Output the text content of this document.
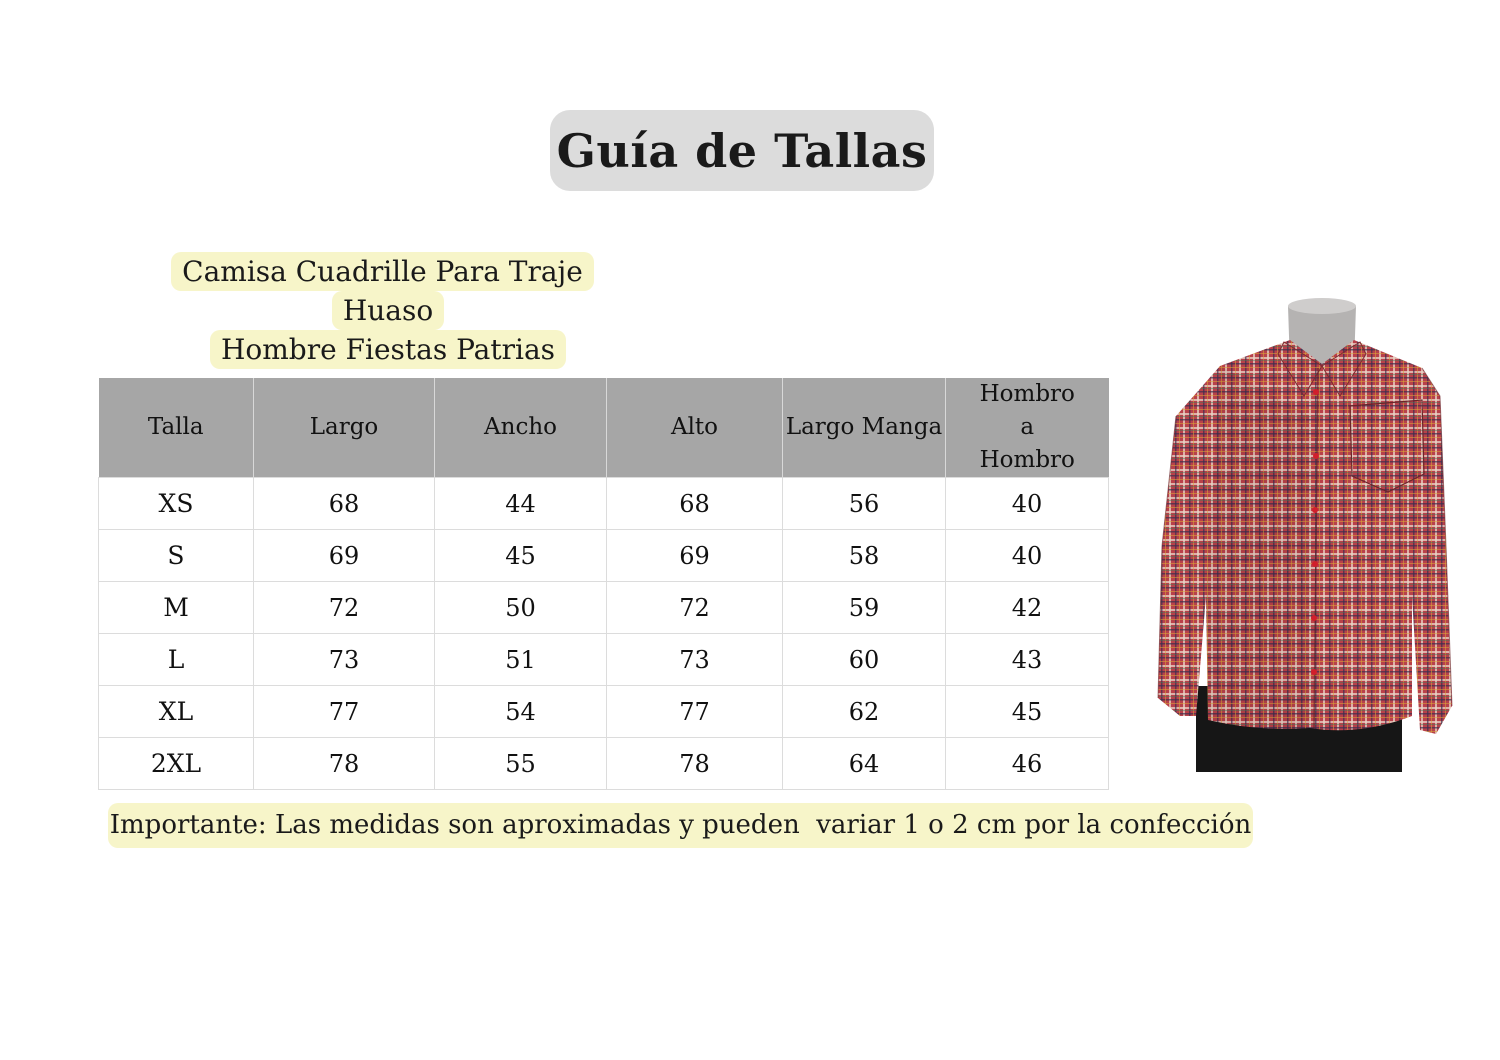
Guía de Tallas
Camisa Cuadrille Para Traje Huaso
Hombre Fiestas Patrias
Talla	Largo	Ancho	Alto	Largo Manga	Hombro a Hombro

XS	68	44	68	56	40
S	69	45	69	58	40
M	72	50	72	59	42
L	73	51	73	60	43
XL	77	54	77	62	45
2XL	78	55	78	64	46
Importante: Las medidas son aproximadas y pueden  variar 1 o 2 cm por la confección
